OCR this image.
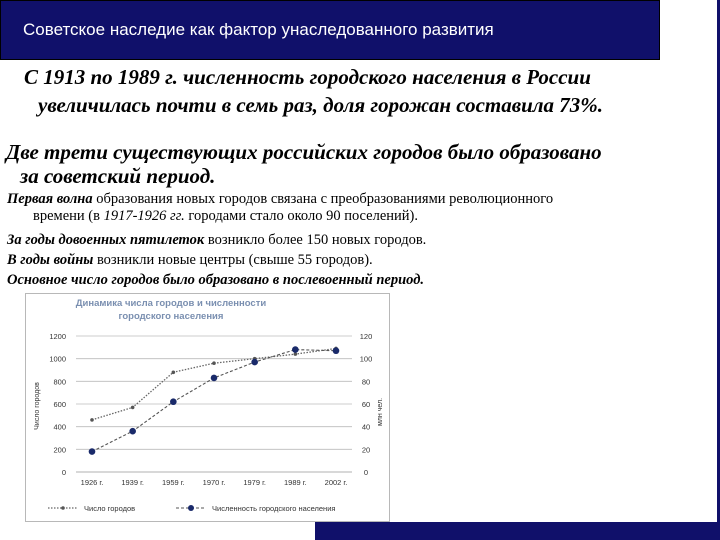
Советское наследие как фактор унаследованного развития
С 1913 по 1989 г. численность городского населения в России
увеличилась почти в семь раз, доля горожан составила 73%.
Две трети существующих российских городов было образовано
за советский период.
Первая волна образования новых городов связана с преобразованиями революционного
времени (в 1917-1926 гг. городами стало около 90 поселений).
За годы довоенных пятилеток возникло более 150 новых городов.
В годы войны возникли новые центры (свыше 55 городов).
Основное число городов было образовано в послевоенный период.
Динамика числа городов и численности
городского населения
0
200
400
600
800
1000
1200
0
20
40
60
80
100
120
Число городов	млн чел.
1926 г. 1939 г. 1959 г. 1970 г. 1979 г. 1989 г. 2002 г.
Число городов	Численность городского населения
